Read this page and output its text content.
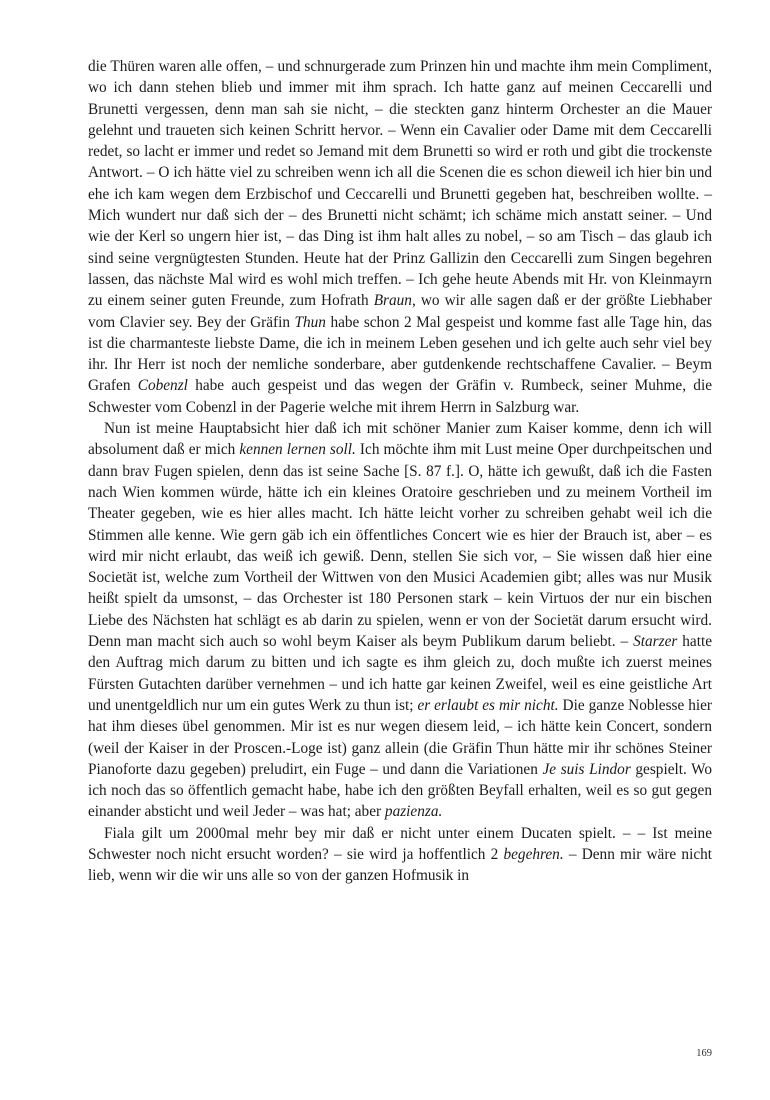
die Thüren waren alle offen, – und schnurgerade zum Prinzen hin und machte ihm mein Compliment, wo ich dann stehen blieb und immer mit ihm sprach. Ich hatte ganz auf meinen Ceccarelli und Brunetti vergessen, denn man sah sie nicht, – die steckten ganz hinterm Orchester an die Mauer gelehnt und traueten sich keinen Schritt hervor. – Wenn ein Cavalier oder Dame mit dem Ceccarelli redet, so lacht er immer und redet so Jemand mit dem Brunetti so wird er roth und gibt die trockenste Antwort. – O ich hätte viel zu schreiben wenn ich all die Scenen die es schon dieweil ich hier bin und ehe ich kam wegen dem Erzbischof und Ceccarelli und Brunetti gegeben hat, beschreiben wollte. – Mich wundert nur daß sich der – des Brunetti nicht schämt; ich schäme mich anstatt seiner. – Und wie der Kerl so ungern hier ist, – das Ding ist ihm halt alles zu nobel, – so am Tisch – das glaub ich sind seine vergnügtesten Stunden. Heute hat der Prinz Gallizin den Ceccarelli zum Singen begehren lassen, das nächste Mal wird es wohl mich treffen. – Ich gehe heute Abends mit Hr. von Kleinmayrn zu einem seiner guten Freunde, zum Hofrath Braun, wo wir alle sagen daß er der größte Liebhaber vom Clavier sey. Bey der Gräfin Thun habe schon 2 Mal gespeist und komme fast alle Tage hin, das ist die charmanteste liebste Dame, die ich in meinem Leben gesehen und ich gelte auch sehr viel bey ihr. Ihr Herr ist noch der nemliche sonderbare, aber gutdenkende rechtschaffene Cavalier. – Beym Grafen Cobenzl habe auch gespeist und das wegen der Gräfin v. Rumbeck, seiner Muhme, die Schwester vom Cobenzl in der Pagerie welche mit ihrem Herrn in Salzburg war.

Nun ist meine Hauptabsicht hier daß ich mit schöner Manier zum Kaiser komme, denn ich will absolument daß er mich kennen lernen soll. Ich möchte ihm mit Lust meine Oper durchpeitschen und dann brav Fugen spielen, denn das ist seine Sache [S. 87 f.]. O, hätte ich gewußt, daß ich die Fasten nach Wien kommen würde, hätte ich ein kleines Oratoire geschrieben und zu meinem Vortheil im Theater gegeben, wie es hier alles macht. Ich hätte leicht vorher zu schreiben gehabt weil ich die Stimmen alle kenne. Wie gern gäb ich ein öffentliches Concert wie es hier der Brauch ist, aber – es wird mir nicht erlaubt, das weiß ich gewiß. Denn, stellen Sie sich vor, – Sie wissen daß hier eine Societät ist, welche zum Vortheil der Wittwen von den Musici Academien gibt; alles was nur Musik heißt spielt da umsonst, – das Orchester ist 180 Personen stark – kein Virtuos der nur ein bischen Liebe des Nächsten hat schlägt es ab darin zu spielen, wenn er von der Societät darum ersucht wird. Denn man macht sich auch so wohl beym Kaiser als beym Publikum darum beliebt. – Starzer hatte den Auftrag mich darum zu bitten und ich sagte es ihm gleich zu, doch mußte ich zuerst meines Fürsten Gutachten darüber vernehmen – und ich hatte gar keinen Zweifel, weil es eine geistliche Art und unentgeldlich nur um ein gutes Werk zu thun ist; er erlaubt es mir nicht. Die ganze Noblesse hier hat ihm dieses übel genommen. Mir ist es nur wegen diesem leid, – ich hätte kein Concert, sondern (weil der Kaiser in der Proscen.-Loge ist) ganz allein (die Gräfin Thun hätte mir ihr schönes Steiner Pianoforte dazu gegeben) preludirt, ein Fuge – und dann die Variationen Je suis Lindor gespielt. Wo ich noch das so öffentlich gemacht habe, habe ich den größten Beyfall erhalten, weil es so gut gegen einander absticht und weil Jeder – was hat; aber pazienza.

Fiala gilt um 2000mal mehr bey mir daß er nicht unter einem Ducaten spielt. – – Ist meine Schwester noch nicht ersucht worden? – sie wird ja hoffentlich 2 begehren. – Denn mir wäre nicht lieb, wenn wir die wir uns alle so von der ganzen Hofmusik in

169
